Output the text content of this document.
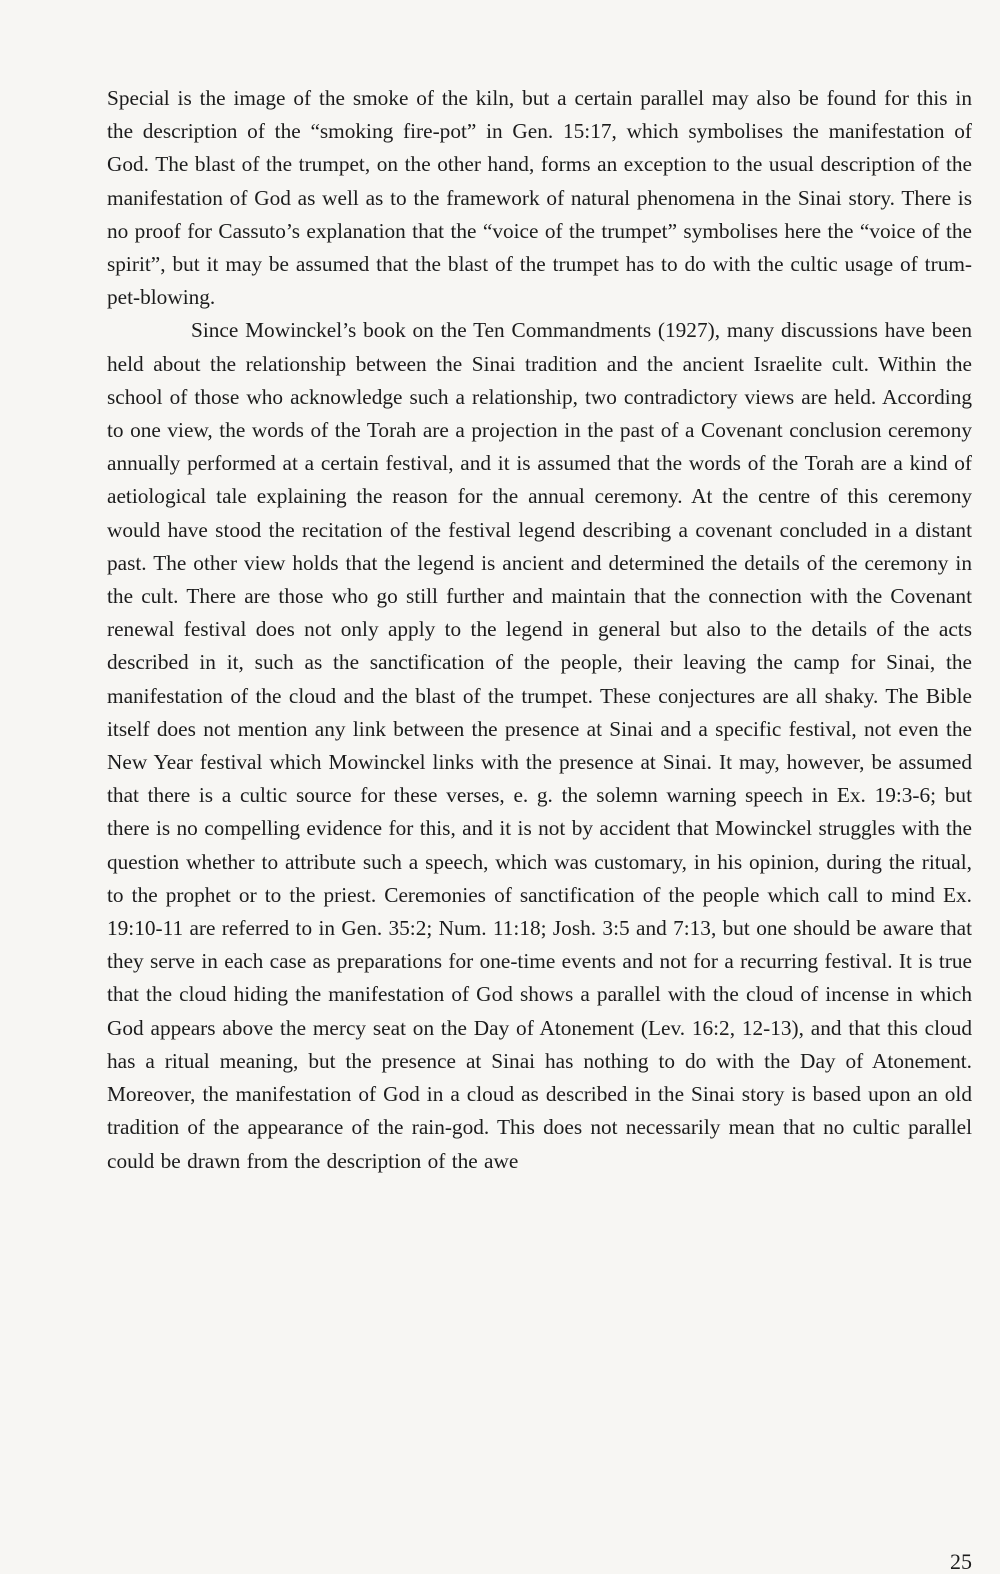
Special is the image of the smoke of the kiln, but a certain parallel may also be found for this in the description of the “smoking fire-pot” in Gen. 15:17, which symbolises the manifestation of God. The blast of the trumpet, on the other hand, forms an exception to the usual description of the manifestation of God as well as to the framework of natural phenomena in the Sinai story. There is no proof for Cassuto’s explanation that the “voice of the trumpet” symbolises here the “voice of the spirit”, but it may be assumed that the blast of the trumpet has to do with the cultic usage of trumpet-blowing.

Since Mowinckel’s book on the Ten Commandments (1927), many discussions have been held about the relationship between the Sinai tradition and the ancient Israelite cult. Within the school of those who acknowledge such a relationship, two contradictory views are held. According to one view, the words of the Torah are a projection in the past of a Covenant conclusion ceremony annually performed at a certain festival, and it is assumed that the words of the Torah are a kind of aetiological tale explaining the reason for the annual ceremony. At the centre of this ceremony would have stood the recitation of the festival legend describing a covenant concluded in a distant past. The other view holds that the legend is ancient and determined the details of the ceremony in the cult. There are those who go still further and maintain that the connection with the Covenant renewal festival does not only apply to the legend in general but also to the details of the acts described in it, such as the sanctification of the people, their leaving the camp for Sinai, the manifestation of the cloud and the blast of the trumpet. These conjectures are all shaky. The Bible itself does not mention any link between the presence at Sinai and a specific festival, not even the New Year festival which Mowinckel links with the presence at Sinai. It may, however, be assumed that there is a cultic source for these verses, e. g. the solemn warning speech in Ex. 19:3-6; but there is no compelling evidence for this, and it is not by accident that Mowinckel struggles with the question whether to attribute such a speech, which was customary, in his opinion, during the ritual, to the prophet or to the priest. Ceremonies of sanctification of the people which call to mind Ex. 19:10-11 are referred to in Gen. 35:2; Num. 11:18; Josh. 3:5 and 7:13, but one should be aware that they serve in each case as preparations for one-time events and not for a recurring festival. It is true that the cloud hiding the manifestation of God shows a parallel with the cloud of incense in which God appears above the mercy seat on the Day of Atonement (Lev. 16:2, 12-13), and that this cloud has a ritual meaning, but the presence at Sinai has nothing to do with the Day of Atonement. Moreover, the manifestation of God in a cloud as described in the Sinai story is based upon an old tradition of the appearance of the rain-god. This does not necessarily mean that no cultic parallel could be drawn from the description of the awe

25
